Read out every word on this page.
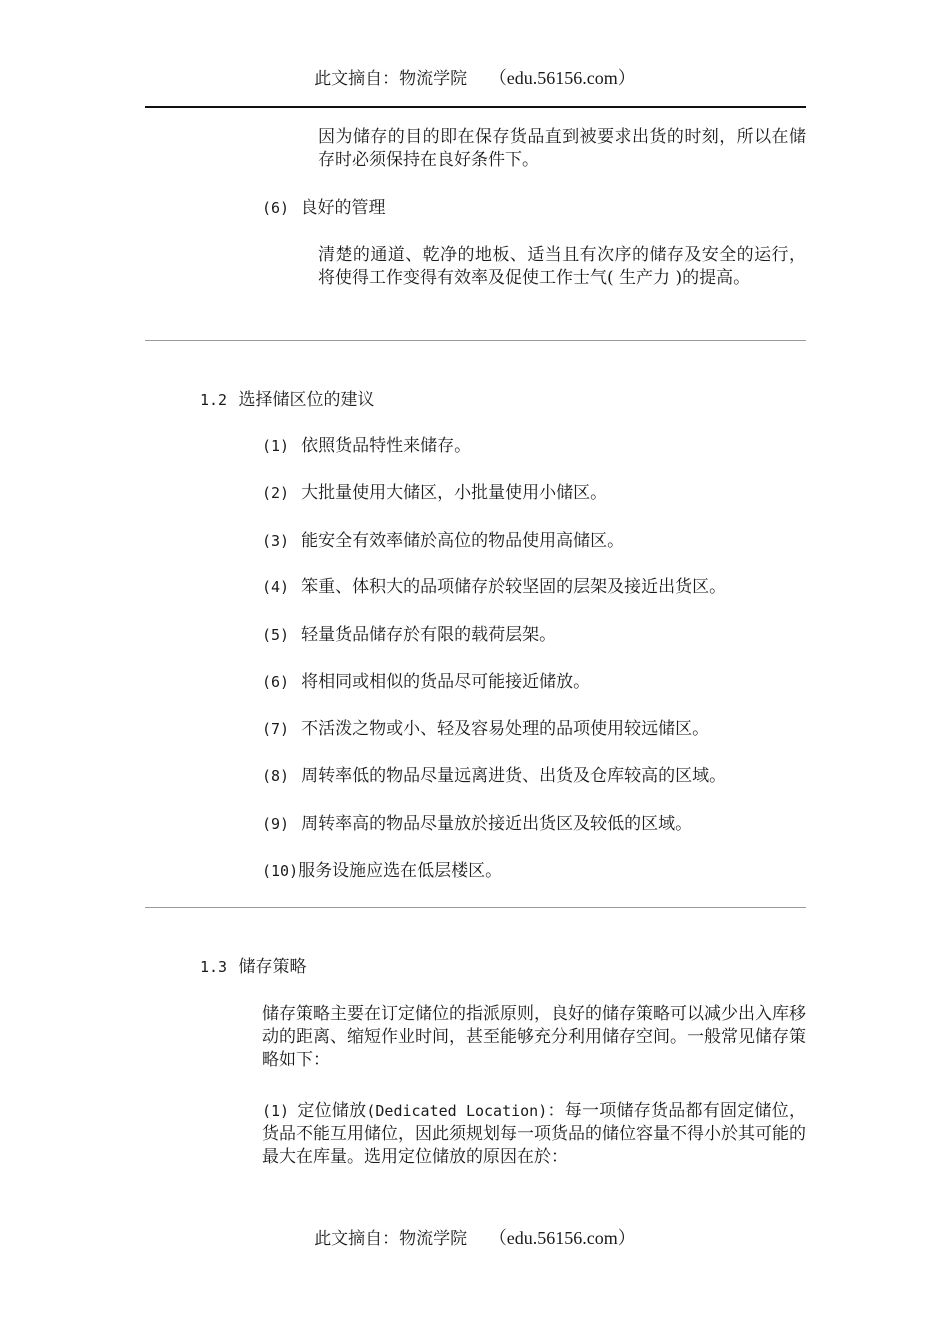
此文摘自：物流学院 （edu.56156.com）
因为储存的目的即在保存货品直到被要求出货的时刻，所以在储存时必须保持在良好条件下。
(6) 良好的管理
清楚的通道、乾净的地板、适当且有次序的储存及安全的运行，将使得工作变得有效率及促使工作士气( 生产力 )的提高。
1.2 选择储区位的建议
(1) 依照货品特性来储存。
(2) 大批量使用大储区，小批量使用小储区。
(3) 能安全有效率储於高位的物品使用高储区。
(4) 笨重、体积大的品项储存於较坚固的层架及接近出货区。
(5) 轻量货品储存於有限的载荷层架。
(6) 将相同或相似的货品尽可能接近储放。
(7) 不活泼之物或小、轻及容易处理的品项使用较远储区。
(8) 周转率低的物品尽量远离进货、出货及仓库较高的区域。
(9) 周转率高的物品尽量放於接近出货区及较低的区域。
(10)服务设施应选在低层楼区。
1.3 储存策略
储存策略主要在订定储位的指派原则，良好的储存策略可以减少出入库移动的距离、缩短作业时间，甚至能够充分利用储存空间。一般常见储存策略如下：
(1) 定位储放(Dedicated Location)：每一项储存货品都有固定储位，货品不能互用储位，因此须规划每一项货品的储位容量不得小於其可能的最大在库量。选用定位储放的原因在於：
此文摘自：物流学院 （edu.56156.com）
